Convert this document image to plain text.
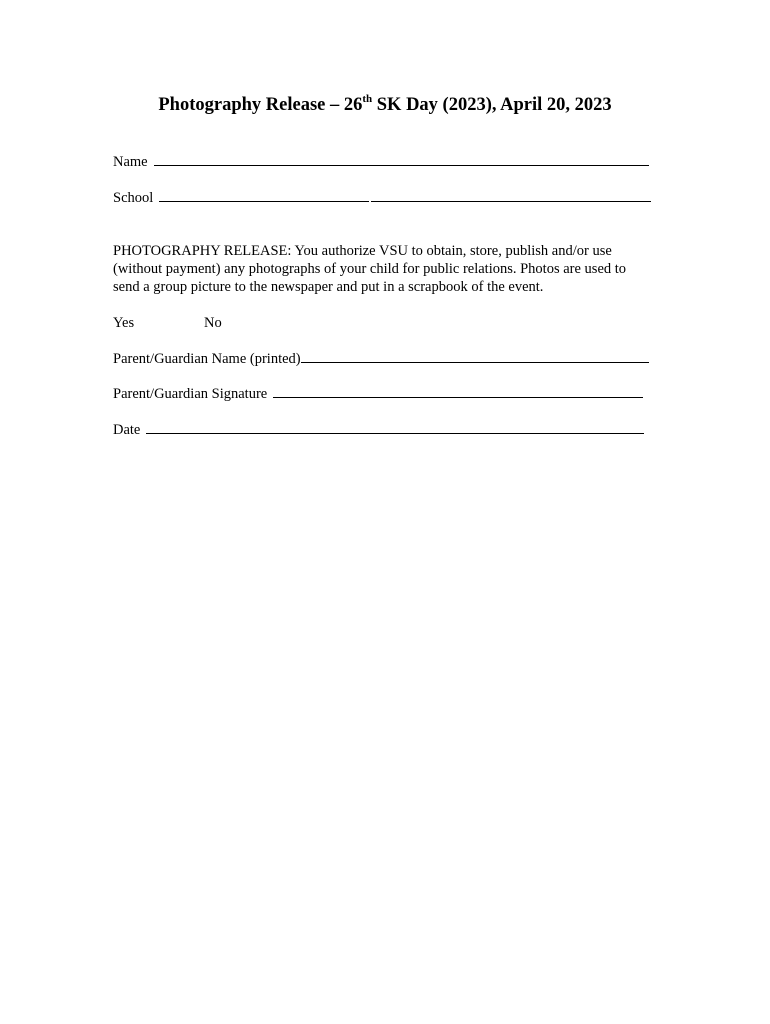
Photography Release – 26th SK Day (2023), April 20, 2023
Name
School
PHOTOGRAPHY RELEASE: You authorize VSU to obtain, store, publish and/or use
(without payment) any photographs of your child for public relations. Photos are used to
send a group picture to the newspaper and put in a scrapbook of the event.
Yes	No
Parent/Guardian Name (printed)
Parent/Guardian Signature
Date
